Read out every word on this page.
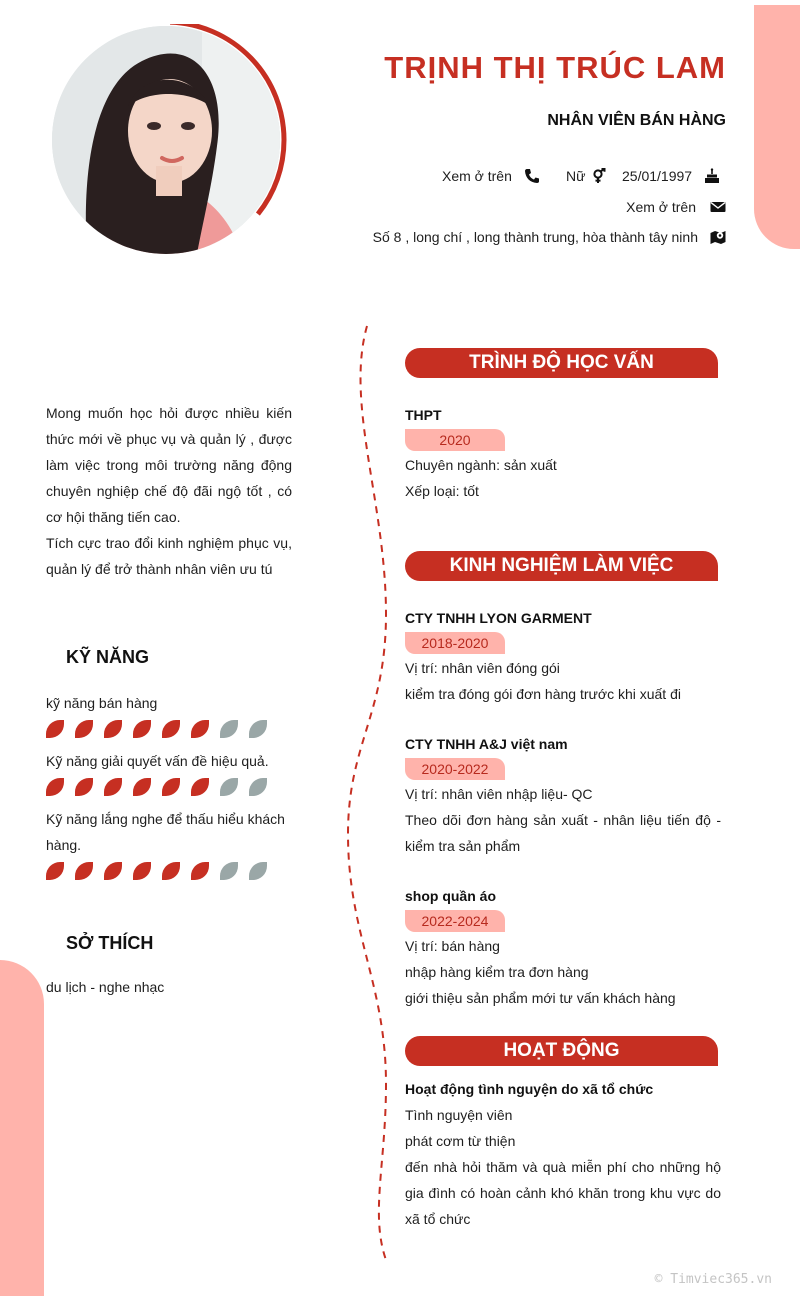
TRỊNH THỊ TRÚC LAM
NHÂN VIÊN BÁN HÀNG
Xem ở trên	Nữ	25/01/1997
Xem ở trên
Số 8 , long chí , long thành trung, hòa thành tây ninh

Mong muốn học hỏi được nhiều kiến thức mới về phục vụ và quản lý , được làm việc trong môi trường năng động chuyên nghiệp chế độ đãi ngộ tốt , có cơ hội thăng tiến cao.

Tích cực trao đổi kinh nghiệm phục vụ, quản lý để trở thành nhân viên ưu tú

KỸ NĂNG
kỹ năng bán hàng
Kỹ năng giải quyết vấn đề hiệu quả.
Kỹ năng lắng nghe để thấu hiểu khách hàng.
SỞ THÍCH
du lịch - nghe nhạc
TRÌNH ĐỘ HỌC VẤN
THPT
2020
Chuyên ngành: sản xuất
Xếp loại: tốt
KINH NGHIỆM LÀM VIỆC
CTY TNHH LYON GARMENT
2018-2020
Vị trí: nhân viên đóng gói
kiểm tra đóng gói đơn hàng trước khi xuất đi
CTY TNHH A&J việt nam
2020-2022
Vị trí: nhân viên nhập liệu- QC
Theo dõi đơn hàng sản xuất - nhân liệu tiến độ - kiểm tra sản phẩm
shop quần áo
2022-2024
Vị trí: bán hàng
nhập hàng kiểm tra đơn hàng
giới thiệu sản phẩm mới tư vấn khách hàng
HOẠT ĐỘNG
Hoạt động tình nguyện do xã tổ chức
Tình nguyện viên
phát cơm từ thiện
đến nhà hỏi thăm và quà miễn phí cho những hộ gia đình có hoàn cảnh khó khăn trong khu vực do xã tổ chức
© Timviec365.vn
